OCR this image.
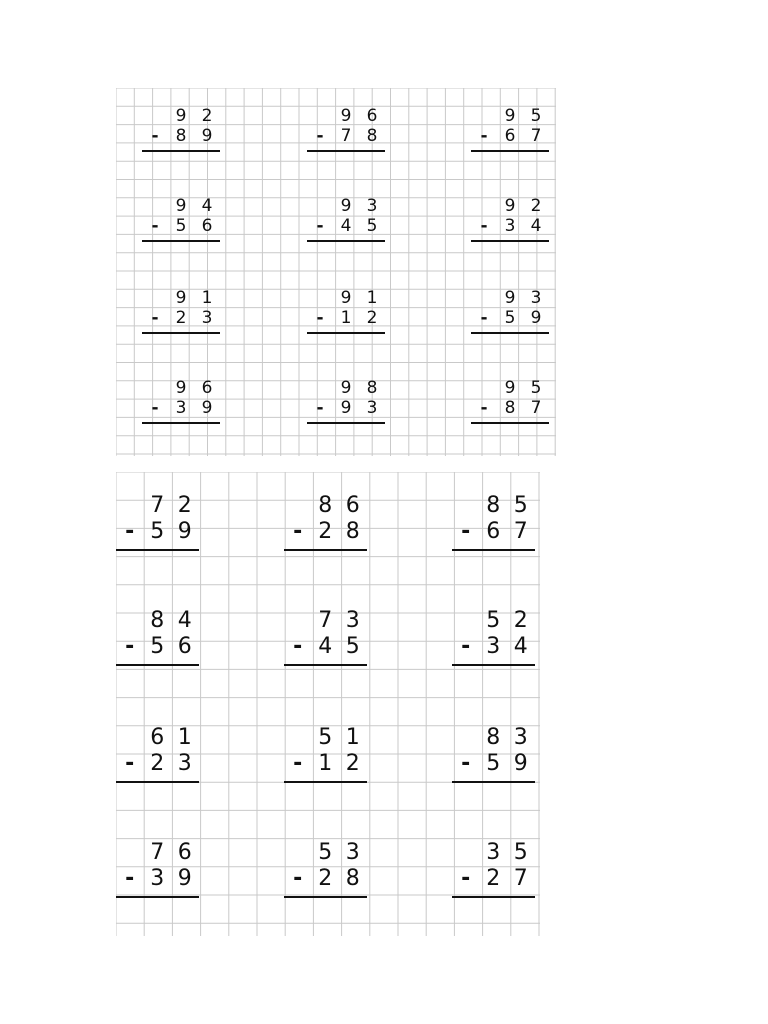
9 2
-	8 9
9 6
-	7 8
9 5
-	6 7
9 4
-	5 6
9 3
-	4 5
9 2
-	3 4
9 1
-	2 3
9 1
-	1 2
9 3
-	5 9
9 6
-	3 9
9 8
-	9 3
9 5
-	8 7
7 2
- 5 9
8 6
- 2 8
8 5
- 6 7
8 4
- 5 6
7 3
- 4 5
5 2
- 3 4
6 1
- 2 3
5 1
- 1 2
8 3
- 5 9
7 6
- 3 9
5 3
- 2 8
3 5
- 2 7
